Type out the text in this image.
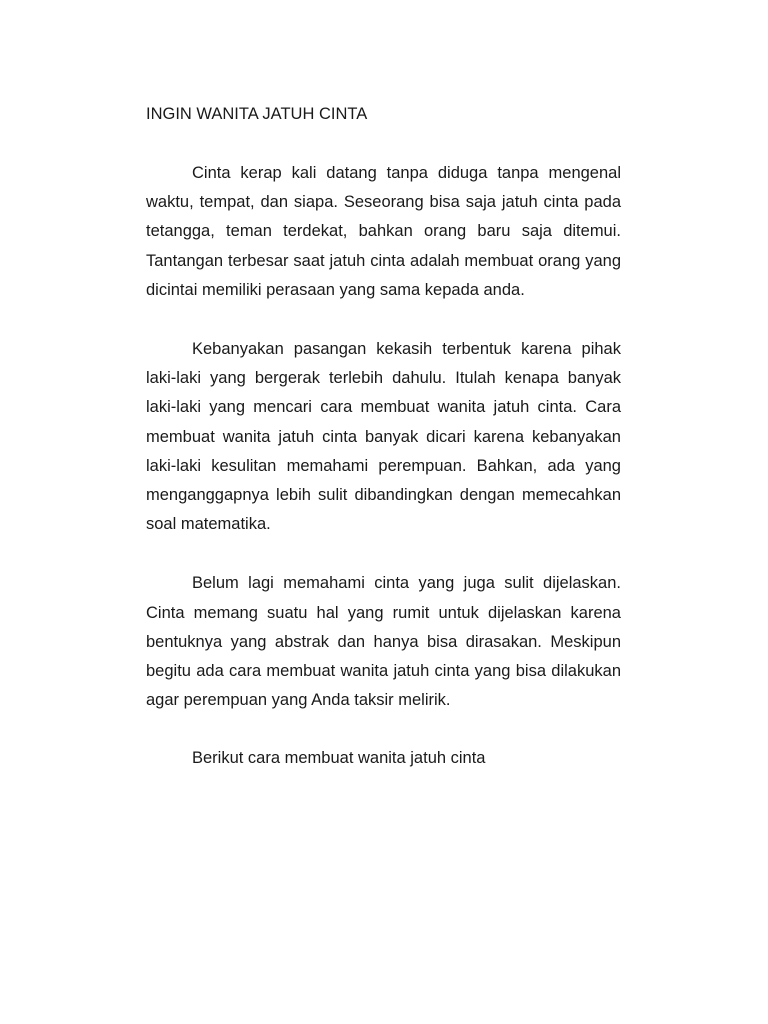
INGIN WANITA JATUH CINTA

Cinta kerap kali datang tanpa diduga tanpa mengenal waktu, tempat, dan siapa. Seseorang bisa saja jatuh cinta pada tetangga, teman terdekat, bahkan orang baru saja ditemui. Tantangan terbesar saat jatuh cinta adalah membuat orang yang dicintai memiliki perasaan yang sama kepada anda.

Kebanyakan pasangan kekasih terbentuk karena pihak laki-laki yang bergerak terlebih dahulu. Itulah kenapa banyak laki-laki yang mencari cara membuat wanita jatuh cinta. Cara membuat wanita jatuh cinta banyak dicari karena kebanyakan laki-laki kesulitan memahami perempuan. Bahkan, ada yang menganggapnya lebih sulit dibandingkan dengan memecahkan soal matematika.

Belum lagi memahami cinta yang juga sulit dijelaskan. Cinta memang suatu hal yang rumit untuk dijelaskan karena bentuknya yang abstrak dan hanya bisa dirasakan. Meskipun begitu ada cara membuat wanita jatuh cinta yang bisa dilakukan agar perempuan yang Anda taksir melirik.

Berikut cara membuat wanita jatuh cinta
